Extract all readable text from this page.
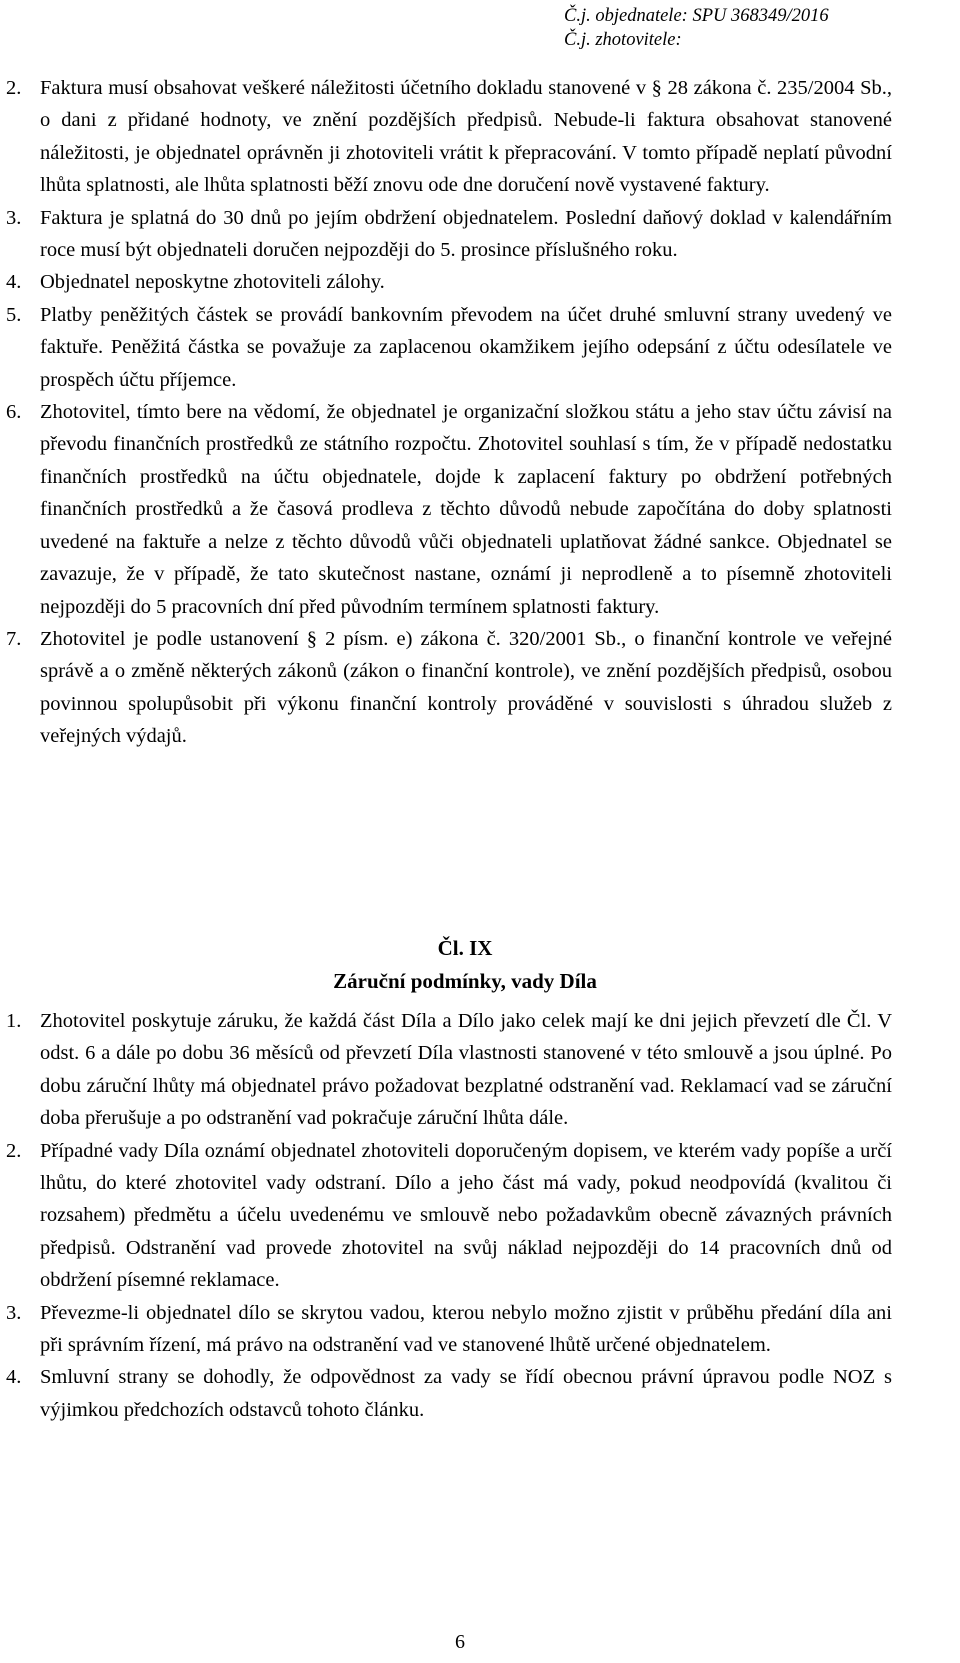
Č.j. objednatele: SPU 368349/2016
Č.j. zhotovitele:
2. Faktura musí obsahovat veškeré náležitosti účetního dokladu stanovené v § 28 zákona č. 235/2004 Sb., o dani z přidané hodnoty, ve znění pozdějších předpisů. Nebude-li faktura obsahovat stanovené náležitosti, je objednatel oprávněn ji zhotoviteli vrátit k přepracování. V tomto případě neplatí původní lhůta splatnosti, ale lhůta splatnosti běží znovu ode dne doručení nově vystavené faktury.
3. Faktura je splatná do 30 dnů po jejím obdržení objednatelem. Poslední daňový doklad v kalendářním roce musí být objednateli doručen nejpozději do 5. prosince příslušného roku.
4. Objednatel neposkytne zhotoviteli zálohy.
5. Platby peněžitých částek se provádí bankovním převodem na účet druhé smluvní strany uvedený ve faktuře. Peněžitá částka se považuje za zaplacenou okamžikem jejího odepsání z účtu odesílatele ve prospěch účtu příjemce.
6. Zhotovitel, tímto bere na vědomí, že objednatel je organizační složkou státu a jeho stav účtu závisí na převodu finančních prostředků ze státního rozpočtu. Zhotovitel souhlasí s tím, že v případě nedostatku finančních prostředků na účtu objednatele, dojde k zaplacení faktury po obdržení potřebných finančních prostředků a že časová prodleva z těchto důvodů nebude započítána do doby splatnosti uvedené na faktuře a nelze z těchto důvodů vůči objednateli uplatňovat žádné sankce. Objednatel se zavazuje, že v případě, že tato skutečnost nastane, oznámí ji neprodleně a to písemně zhotoviteli nejpozději do 5 pracovních dní před původním termínem splatnosti faktury.
7. Zhotovitel je podle ustanovení § 2 písm. e) zákona č. 320/2001 Sb., o finanční kontrole ve veřejné správě a o změně některých zákonů (zákon o finanční kontrole), ve znění pozdějších předpisů, osobou povinnou spolupůsobit při výkonu finanční kontroly prováděné v souvislosti s úhradou služeb z veřejných výdajů.
Čl. IX
Záruční podmínky, vady Díla
1. Zhotovitel poskytuje záruku, že každá část Díla a Dílo jako celek mají ke dni jejich převzetí dle Čl. V odst. 6 a dále po dobu 36 měsíců od převzetí Díla vlastnosti stanovené v této smlouvě a jsou úplné. Po dobu záruční lhůty má objednatel právo požadovat bezplatné odstranění vad. Reklamací vad se záruční doba přerušuje a po odstranění vad pokračuje záruční lhůta dále.
2. Případné vady Díla oznámí objednatel zhotoviteli doporučeným dopisem, ve kterém vady popíše a určí lhůtu, do které zhotovitel vady odstraní. Dílo a jeho část má vady, pokud neodpovídá (kvalitou či rozsahem) předmětu a účelu uvedenému ve smlouvě nebo požadavkům obecně závazných právních předpisů. Odstranění vad provede zhotovitel na svůj náklad nejpozději do 14 pracovních dnů od obdržení písemné reklamace.
3. Převezme-li objednatel dílo se skrytou vadou, kterou nebylo možno zjistit v průběhu předání díla ani při správním řízení, má právo na odstranění vad ve stanovené lhůtě určené objednatelem.
4. Smluvní strany se dohodly, že odpovědnost za vady se řídí obecnou právní úpravou podle NOZ s výjimkou předchozích odstavců tohoto článku.
6
